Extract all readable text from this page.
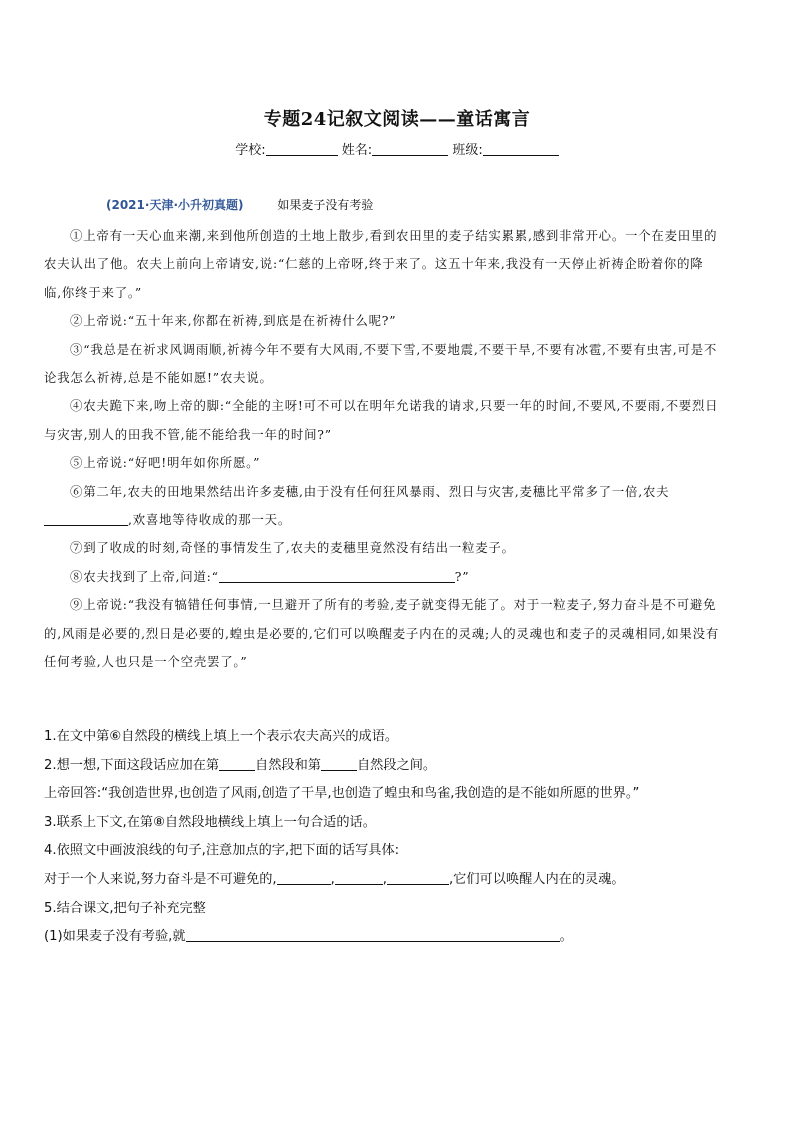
专题24记叙文阅读——童话寓言
学校:	姓名:	班级:
(2021·天津·小升初真题)	如果麦子没有考验

①上帝有一天心血来潮,来到他所创造的土地上散步,看到农田里的麦子结实累累,感到非常开心。一个在麦田里的农夫认出了他。农夫上前向上帝请安,说:“仁慈的上帝呀,终于来了。这五十年来,我没有一天停止祈祷企盼着你的降临,你终于来了。”

②上帝说:“五十年来,你都在祈祷,到底是在祈祷什么呢?”

③“我总是在祈求风调雨顺,祈祷今年不要有大风雨,不要下雪,不要地震,不要干旱,不要有冰雹,不要有虫害,可是不论我怎么祈祷,总是不能如愿!”农夫说。

④农夫跪下来,吻上帝的脚:“全能的主呀!可不可以在明年允诺我的请求,只要一年的时间,不要风,不要雨,不要烈日与灾害,别人的田我不管,能不能给我一年的时间?”

⑤上帝说:“好吧!明年如你所愿。”

⑥第二年,农夫的田地果然结出许多麦穗,由于没有任何狂风暴雨、烈日与灾害,麦穗比平常多了一倍,农夫,欢喜地等待收成的那一天。

⑦到了收成的时刻,奇怪的事情发生了,农夫的麦穗里竟然没有结出一粒麦子。

⑧农夫找到了上帝,问道:“	?”

⑨上帝说:“我没有犒错任何事情,一旦避开了所有的考验,麦子就变得无能了。对于一粒麦子,努力奋斗是不可避免的,风雨是必要的,烈日是必要的,蝗虫是必要的,它们可以唤醒麦子内在的灵魂;人的灵魂也和麦子的灵魂相同,如果没有任何考验,人也只是一个空壳罢了。”

1.在文中第⑥自然段的横线上填上一个表示农夫高兴的成语。

2.想一想,下面这段话应加在第	自然段和第	自然段之间。

上帝回答:“我创造世界,也创造了风雨,创造了干旱,也创造了蝗虫和鸟雀,我创造的是不能如所愿的世界。”

3.联系上下文,在第⑧自然段地横线上填上一句合适的话。

4.依照文中画波浪线的句子,注意加点的字,把下面的话写具体:

对于一个人来说,努力奋斗是不可避免的,	,	,	,它们可以唤醒人内在的灵魂。

5.结合课文,把句子补充完整

(1)如果麦子没有考验,就	。
